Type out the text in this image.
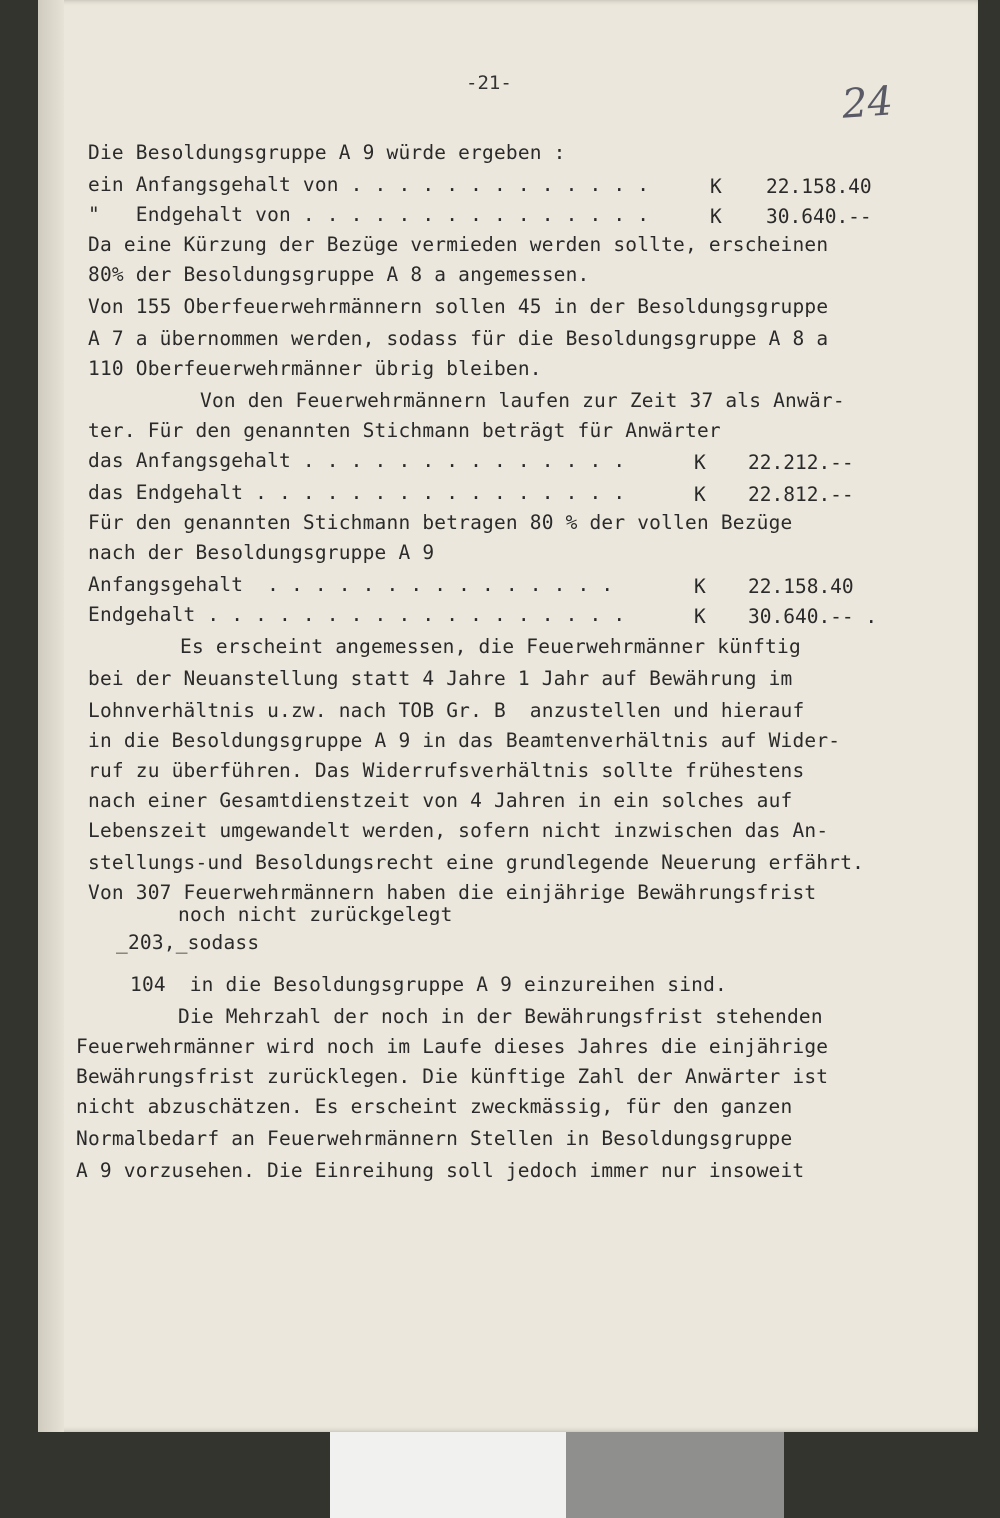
-21-	24
Die Besoldungsgruppe A 9 würde ergeben :
ein Anfangsgehalt von . . . . . . . . . . . . .
"   Endgehalt von . . . . . . . . . . . . . . .
Da eine Kürzung der Bezüge vermieden werden sollte, erscheinen
80% der Besoldungsgruppe A 8 a angemessen.
Von 155 Oberfeuerwehrmännern sollen 45 in der Besoldungsgruppe
A 7 a übernommen werden, sodass für die Besoldungsgruppe A 8 a
110 Oberfeuerwehrmänner übrig bleiben.
Von den Feuerwehrmännern laufen zur Zeit 37 als Anwär-
ter. Für den genannten Stichmann beträgt für Anwärter
das Anfangsgehalt . . . . . . . . . . . . . .
das Endgehalt . . . . . . . . . . . . . . . .
Für den genannten Stichmann betragen 80 % der vollen Bezüge
nach der Besoldungsgruppe A 9
Anfangsgehalt  . . . . . . . . . . . . . . .
Endgehalt . . . . . . . . . . . . . . . . . .
Es erscheint angemessen, die Feuerwehrmänner künftig
bei der Neuanstellung statt 4 Jahre 1 Jahr auf Bewährung im
Lohnverhältnis u.zw. nach TOB Gr. B  anzustellen und hierauf
in die Besoldungsgruppe A 9 in das Beamtenverhältnis auf Wider-
ruf zu überführen. Das Widerrufsverhältnis sollte frühestens
nach einer Gesamtdienstzeit von 4 Jahren in ein solches auf
Lebenszeit umgewandelt werden, sofern nicht inzwischen das An-
stellungs-und Besoldungsrecht eine grundlegende Neuerung erfährt.
Von 307 Feuerwehrmännern haben die einjährige Bewährungsfrist
noch nicht zurückgelegt
_203,_sodass
104  in die Besoldungsgruppe A 9 einzureihen sind.
Die Mehrzahl der noch in der Bewährungsfrist stehenden
Feuerwehrmänner wird noch im Laufe dieses Jahres die einjährige
Bewährungsfrist zurücklegen. Die künftige Zahl der Anwärter ist
nicht abzuschätzen. Es erscheint zweckmässig, für den ganzen
Normalbedarf an Feuerwehrmännern Stellen in Besoldungsgruppe
A 9 vorzusehen. Die Einreihung soll jedoch immer nur insoweit
K 22.158.40
K 30.640.--
K 22.212.--
K 22.812.--
K 22.158.40
K 30.640.-- .
